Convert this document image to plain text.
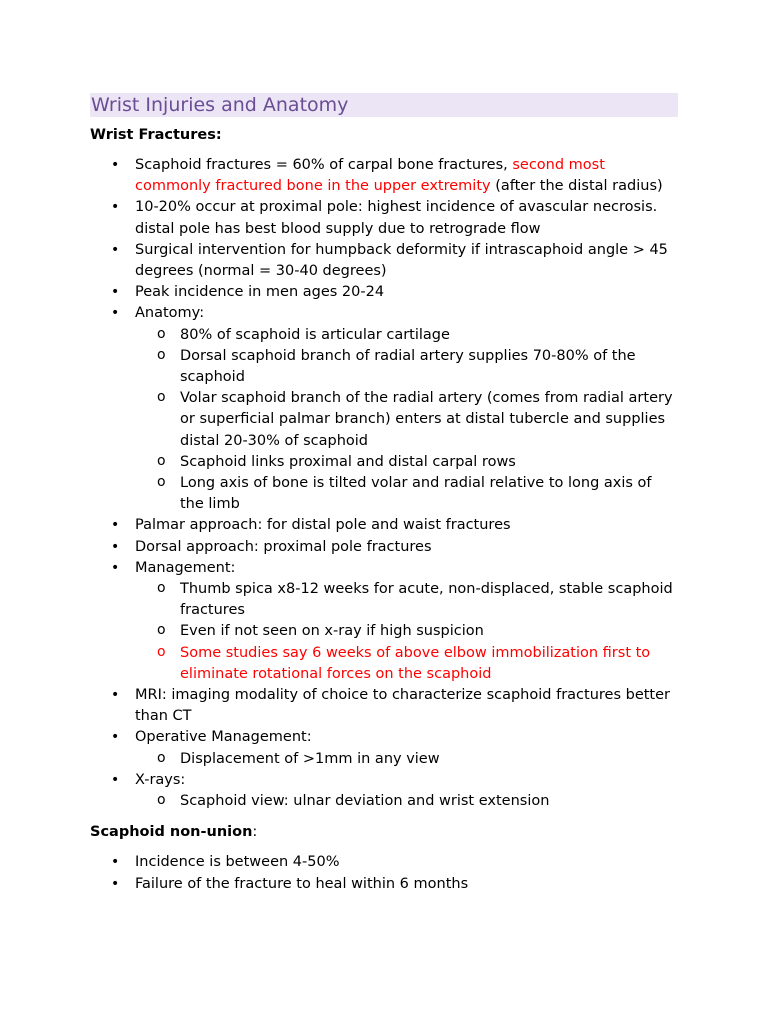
Wrist Injuries and Anatomy
Wrist Fractures:
• Scaphoid fractures = 60% of carpal bone fractures, second most commonly fractured bone in the upper extremity (after the distal radius)
• 10-20% occur at proximal pole: highest incidence of avascular necrosis. distal pole has best blood supply due to retrograde flow
• Surgical intervention for humpback deformity if intrascaphoid angle > 45 degrees (normal = 30-40 degrees)
• Peak incidence in men ages 20-24
• Anatomy:
o 80% of scaphoid is articular cartilage
o Dorsal scaphoid branch of radial artery supplies 70-80% of the scaphoid
o Volar scaphoid branch of the radial artery (comes from radial artery or superficial palmar branch) enters at distal tubercle and supplies distal 20-30% of scaphoid
o Scaphoid links proximal and distal carpal rows
o Long axis of bone is tilted volar and radial relative to long axis of the limb
• Palmar approach: for distal pole and waist fractures
• Dorsal approach: proximal pole fractures
• Management:
o Thumb spica x8-12 weeks for acute, non-displaced, stable scaphoid fractures
o Even if not seen on x-ray if high suspicion
o Some studies say 6 weeks of above elbow immobilization first to eliminate rotational forces on the scaphoid
• MRI: imaging modality of choice to characterize scaphoid fractures better than CT
• Operative Management:
o Displacement of >1mm in any view
• X-rays:
o Scaphoid view: ulnar deviation and wrist extension
Scaphoid non-union:
• Incidence is between 4-50%
• Failure of the fracture to heal within 6 months
